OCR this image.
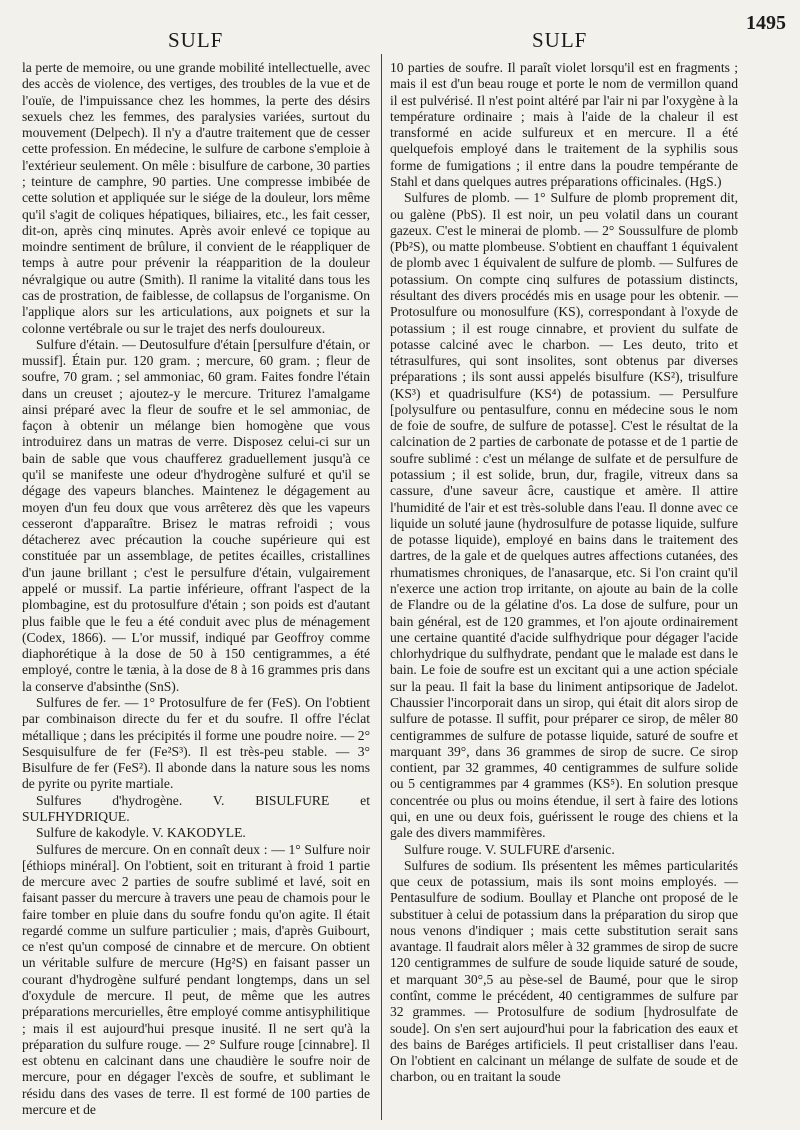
SULF	SULF
1495

la perte de memoire, ou une grande mobilité intellectuelle, avec des accès de violence, des vertiges, des troubles de la vue et de l'ouïe, de l'impuissance chez les hommes, la perte des désirs sexuels chez les femmes, des paralysies variées, surtout du mouvement (Delpech). Il n'y a d'autre traitement que de cesser cette profession. En médecine, le sulfure de carbone s'emploie à l'extérieur seulement. On mêle : bisulfure de carbone, 30 parties ; teinture de camphre, 90 parties. Une compresse imbibée de cette solution et appliquée sur le siége de la douleur, lors même qu'il s'agit de coliques hépatiques, biliaires, etc., les fait cesser, dit-on, après cinq minutes. Après avoir enlevé ce topique au moindre sentiment de brûlure, il convient de le réappliquer de temps à autre pour prévenir la réapparition de la douleur névralgique ou autre (Smith). Il ranime la vitalité dans tous les cas de prostration, de faiblesse, de collapsus de l'organisme. On l'applique alors sur les articulations, aux poignets et sur la colonne vertébrale ou sur le trajet des nerfs douloureux.

Sulfure d'étain. — Deutosulfure d'étain [persulfure d'étain, or mussif]. Étain pur. 120 gram. ; mercure, 60 gram. ; fleur de soufre, 70 gram. ; sel ammoniac, 60 gram. Faites fondre l'étain dans un creuset ; ajoutez-y le mercure. Triturez l'amalgame ainsi préparé avec la fleur de soufre et le sel ammoniac, de façon à obtenir un mélange bien homogène que vous introduirez dans un matras de verre. Disposez celui-ci sur un bain de sable que vous chaufferez graduellement jusqu'à ce qu'il se manifeste une odeur d'hydrogène sulfuré et qu'il se dégage des vapeurs blanches. Maintenez le dégagement au moyen d'un feu doux que vous arrêterez dès que les vapeurs cesseront d'apparaître. Brisez le matras refroidi ; vous détacherez avec précaution la couche supérieure qui est constituée par un assemblage, de petites écailles, cristallines d'un jaune brillant ; c'est le persulfure d'étain, vulgairement appelé or mussif. La partie inférieure, offrant l'aspect de la plombagine, est du protosulfure d'étain ; son poids est d'autant plus faible que le feu a été conduit avec plus de ménagement (Codex, 1866). — L'or mussif, indiqué par Geoffroy comme diaphorétique à la dose de 50 à 150 centigrammes, a été employé, contre le tænia, à la dose de 8 à 16 grammes pris dans la conserve d'absinthe (SnS).

Sulfures de fer. — 1° Protosulfure de fer (FeS). On l'obtient par combinaison directe du fer et du soufre. Il offre l'éclat métallique ; dans les précipités il forme une poudre noire. — 2° Sesquisulfure de fer (Fe²S³). Il est très-peu stable. — 3° Bisulfure de fer (FeS²). Il abonde dans la nature sous les noms de pyrite ou pyrite martiale.

Sulfures d'hydrogène. V. BISULFURE et SULFHYDRIQUE.

Sulfure de kakodyle. V. KAKODYLE.

Sulfures de mercure. On en connaît deux : — 1° Sulfure noir [éthiops minéral]. On l'obtient, soit en triturant à froid 1 partie de mercure avec 2 parties de soufre sublimé et lavé, soit en faisant passer du mercure à travers une peau de chamois pour le faire tomber en pluie dans du soufre fondu qu'on agite. Il était regardé comme un sulfure particulier ; mais, d'après Guibourt, ce n'est qu'un composé de cinnabre et de mercure. On obtient un véritable sulfure de mercure (Hg²S) en faisant passer un courant d'hydrogène sulfuré pendant longtemps, dans un sel d'oxydule de mercure. Il peut, de même que les autres préparations mercurielles, être employé comme antisyphilitique ; mais il est aujourd'hui presque inusité. Il ne sert qu'à la préparation du sulfure rouge. — 2° Sulfure rouge [cinnabre]. Il est obtenu en calcinant dans une chaudière le soufre noir de mercure, pour en dégager l'excès de soufre, et sublimant le résidu dans des vases de terre. Il est formé de 100 parties de mercure et de

10 parties de soufre. Il paraît violet lorsqu'il est en fragments ; mais il est d'un beau rouge et porte le nom de vermillon quand il est pulvérisé. Il n'est point altéré par l'air ni par l'oxygène à la température ordinaire ; mais à l'aide de la chaleur il est transformé en acide sulfureux et en mercure. Il a été quelquefois employé dans le traitement de la syphilis sous forme de fumigations ; il entre dans la poudre tempérante de Stahl et dans quelques autres préparations officinales. (HgS.)

Sulfures de plomb. — 1° Sulfure de plomb proprement dit, ou galène (PbS). Il est noir, un peu volatil dans un courant gazeux. C'est le minerai de plomb. — 2° Soussulfure de plomb (Pb²S), ou matte plombeuse. S'obtient en chauffant 1 équivalent de plomb avec 1 équivalent de sulfure de plomb. — Sulfures de potassium. On compte cinq sulfures de potassium distincts, résultant des divers procédés mis en usage pour les obtenir. — Protosulfure ou monosulfure (KS), correspondant à l'oxyde de potassium ; il est rouge cinnabre, et provient du sulfate de potasse calciné avec le charbon. — Les deuto, trito et tétrasulfures, qui sont insolites, sont obtenus par diverses préparations ; ils sont aussi appelés bisulfure (KS²), trisulfure (KS³) et quadrisulfure (KS⁴) de potassium. — Persulfure [polysulfure ou pentasulfure, connu en médecine sous le nom de foie de soufre, de sulfure de potasse]. C'est le résultat de la calcination de 2 parties de carbonate de potasse et de 1 partie de soufre sublimé : c'est un mélange de sulfate et de persulfure de potassium ; il est solide, brun, dur, fragile, vitreux dans sa cassure, d'une saveur âcre, caustique et amère. Il attire l'humidité de l'air et est très-soluble dans l'eau. Il donne avec ce liquide un soluté jaune (hydrosulfure de potasse liquide, sulfure de potasse liquide), employé en bains dans le traitement des dartres, de la gale et de quelques autres affections cutanées, des rhumatismes chroniques, de l'anasarque, etc. Si l'on craint qu'il n'exerce une action trop irritante, on ajoute au bain de la colle de Flandre ou de la gélatine d'os. La dose de sulfure, pour un bain général, est de 120 grammes, et l'on ajoute ordinairement une certaine quantité d'acide sulfhydrique pour dégager l'acide chlorhydrique du sulfhydrate, pendant que le malade est dans le bain. Le foie de soufre est un excitant qui a une action spéciale sur la peau. Il fait la base du liniment antipsorique de Jadelot. Chaussier l'incorporait dans un sirop, qui était dit alors sirop de sulfure de potasse. Il suffit, pour préparer ce sirop, de mêler 80 centigrammes de sulfure de potasse liquide, saturé de soufre et marquant 39°, dans 36 grammes de sirop de sucre. Ce sirop contient, par 32 grammes, 40 centigrammes de sulfure solide ou 5 centigrammes par 4 grammes (KS⁵). En solution presque concentrée ou plus ou moins étendue, il sert à faire des lotions qui, en une ou deux fois, guérissent le rouge des chiens et la gale des divers mammifères.

Sulfure rouge. V. SULFURE d'arsenic.

Sulfures de sodium. Ils présentent les mêmes particularités que ceux de potassium, mais ils sont moins employés. — Pentasulfure de sodium. Boullay et Planche ont proposé de le substituer à celui de potassium dans la préparation du sirop que nous venons d'indiquer ; mais cette substitution serait sans avantage. Il faudrait alors mêler à 32 grammes de sirop de sucre 120 centigrammes de sulfure de soude liquide saturé de soude, et marquant 30°,5 au pèse-sel de Baumé, pour que le sirop contînt, comme le précédent, 40 centigrammes de sulfure par 32 grammes. — Protosulfure de sodium [hydrosulfate de soude]. On s'en sert aujourd'hui pour la fabrication des eaux et des bains de Baréges artificiels. Il peut cristalliser dans l'eau. On l'obtient en calcinant un mélange de sulfate de soude et de charbon, ou en traitant la soude
